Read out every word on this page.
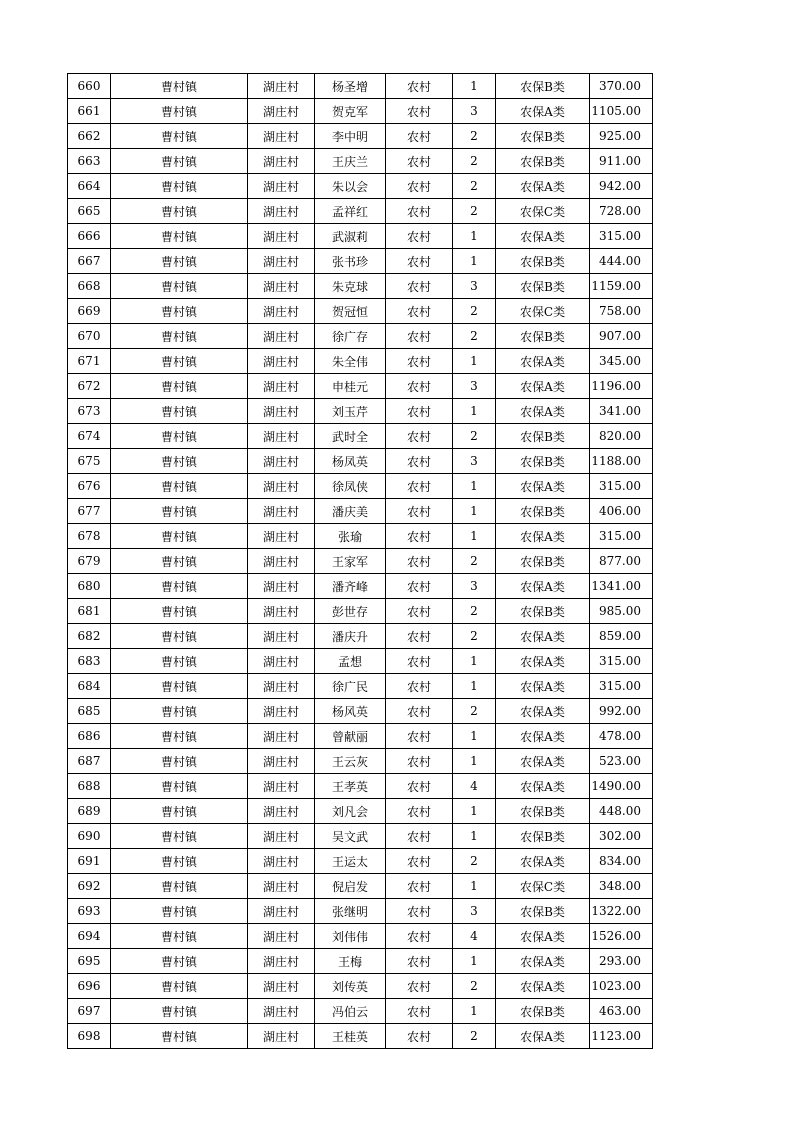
660	曹村镇	湖庄村	杨圣增	农村	1	农保B类	370.00
661	曹村镇	湖庄村	贺克军	农村	3	农保A类	1105.00
662	曹村镇	湖庄村	李中明	农村	2	农保B类	925.00
663	曹村镇	湖庄村	王庆兰	农村	2	农保B类	911.00
664	曹村镇	湖庄村	朱以会	农村	2	农保A类	942.00
665	曹村镇	湖庄村	孟祥红	农村	2	农保C类	728.00
666	曹村镇	湖庄村	武淑莉	农村	1	农保A类	315.00
667	曹村镇	湖庄村	张书珍	农村	1	农保B类	444.00
668	曹村镇	湖庄村	朱克球	农村	3	农保B类	1159.00
669	曹村镇	湖庄村	贺冠恒	农村	2	农保C类	758.00
670	曹村镇	湖庄村	徐广存	农村	2	农保B类	907.00
671	曹村镇	湖庄村	朱全伟	农村	1	农保A类	345.00
672	曹村镇	湖庄村	申桂元	农村	3	农保A类	1196.00
673	曹村镇	湖庄村	刘玉芹	农村	1	农保A类	341.00
674	曹村镇	湖庄村	武时全	农村	2	农保B类	820.00
675	曹村镇	湖庄村	杨凤英	农村	3	农保B类	1188.00
676	曹村镇	湖庄村	徐凤侠	农村	1	农保A类	315.00
677	曹村镇	湖庄村	潘庆美	农村	1	农保B类	406.00
678	曹村镇	湖庄村	张瑜	农村	1	农保A类	315.00
679	曹村镇	湖庄村	王家军	农村	2	农保B类	877.00
680	曹村镇	湖庄村	潘齐峰	农村	3	农保A类	1341.00
681	曹村镇	湖庄村	彭世存	农村	2	农保B类	985.00
682	曹村镇	湖庄村	潘庆升	农村	2	农保A类	859.00
683	曹村镇	湖庄村	孟想	农村	1	农保A类	315.00
684	曹村镇	湖庄村	徐广民	农村	1	农保A类	315.00
685	曹村镇	湖庄村	杨风英	农村	2	农保A类	992.00
686	曹村镇	湖庄村	曾献丽	农村	1	农保A类	478.00
687	曹村镇	湖庄村	王云灰	农村	1	农保A类	523.00
688	曹村镇	湖庄村	王孝英	农村	4	农保A类	1490.00
689	曹村镇	湖庄村	刘凡会	农村	1	农保B类	448.00
690	曹村镇	湖庄村	吴文武	农村	1	农保B类	302.00
691	曹村镇	湖庄村	王运太	农村	2	农保A类	834.00
692	曹村镇	湖庄村	倪启发	农村	1	农保C类	348.00
693	曹村镇	湖庄村	张继明	农村	3	农保B类	1322.00
694	曹村镇	湖庄村	刘伟伟	农村	4	农保A类	1526.00
695	曹村镇	湖庄村	王梅	农村	1	农保A类	293.00
696	曹村镇	湖庄村	刘传英	农村	2	农保A类	1023.00
697	曹村镇	湖庄村	冯伯云	农村	1	农保B类	463.00
698	曹村镇	湖庄村	王桂英	农村	2	农保A类	1123.00
